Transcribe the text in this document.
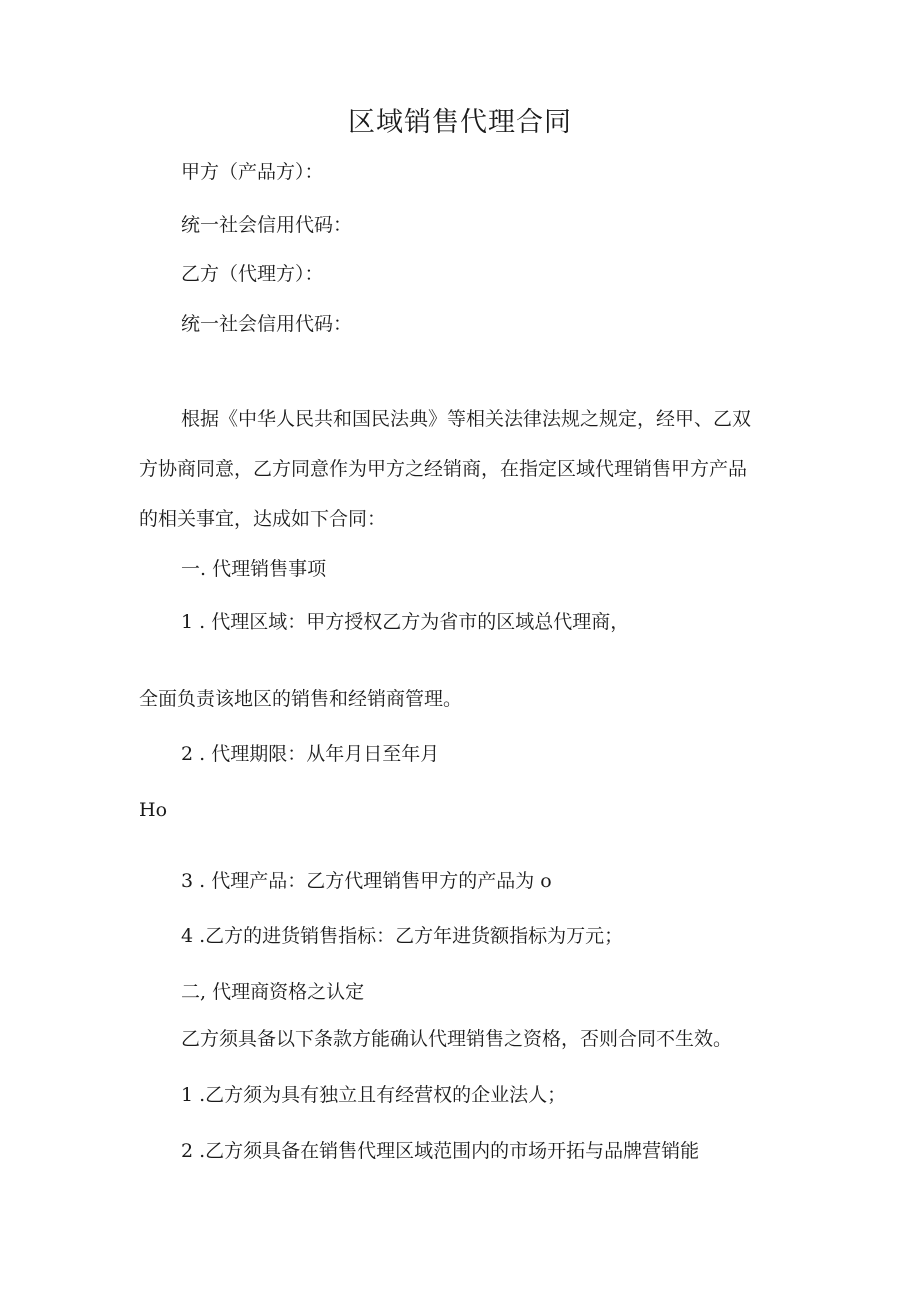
区域销售代理合同
甲方（产品方）：
统一社会信用代码：
乙方（代理方）：
统一社会信用代码：
根据《中华人民共和国民法典》等相关法律法规之规定，经甲、乙双
方协商同意，乙方同意作为甲方之经销商，在指定区域代理销售甲方产品
的相关事宜，达成如下合同：
一. 代理销售事项
1 . 代理区域：甲方授权乙方为省市的区域总代理商，
全面负责该地区的销售和经销商管理。
2 . 代理期限：从年月日至年月
Ho
3 . 代理产品：乙方代理销售甲方的产品为 o
4 .乙方的进货销售指标：乙方年进货额指标为万元；
二, 代理商资格之认定
乙方须具备以下条款方能确认代理销售之资格，否则合同不生效。
1 .乙方须为具有独立且有经营权的企业法人；
2 .乙方须具备在销售代理区域范围内的市场开拓与品牌营销能
